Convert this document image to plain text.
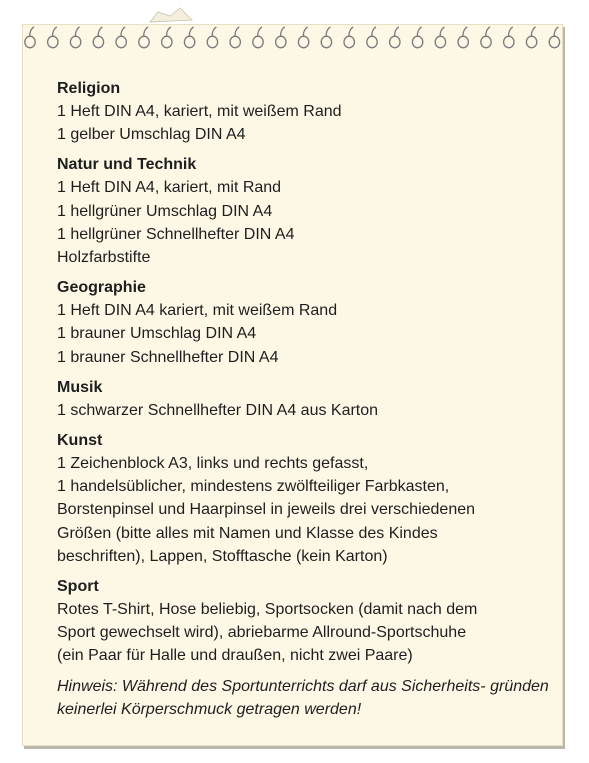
Religion
1 Heft DIN A4, kariert, mit weißem Rand
1 gelber Umschlag DIN A4
Natur und Technik
1 Heft DIN A4, kariert, mit Rand
1 hellgrüner Umschlag DIN A4
1 hellgrüner Schnellhefter DIN A4
Holzfarbstifte
Geographie
1 Heft DIN A4 kariert, mit weißem Rand
1 brauner Umschlag DIN A4
1 brauner Schnellhefter DIN A4
Musik
1 schwarzer Schnellhefter DIN A4 aus Karton
Kunst
1 Zeichenblock A3, links und rechts gefasst,
1 handelsüblicher, mindestens zwölfteiliger Farbkasten,
Borstenpinsel und Haarpinsel in jeweils drei verschiedenen
Größen (bitte alles mit Namen und Klasse des Kindes
beschriften), Lappen, Stofftasche (kein Karton)
Sport
Rotes T-Shirt, Hose beliebig, Sportsocken (damit nach dem
Sport gewechselt wird), abriebarme Allround-Sportschuhe
(ein Paar für Halle und draußen, nicht zwei Paare)
Hinweis: Während des Sportunterrichts darf aus Sicherheits- gründen keinerlei Körperschmuck getragen werden!
